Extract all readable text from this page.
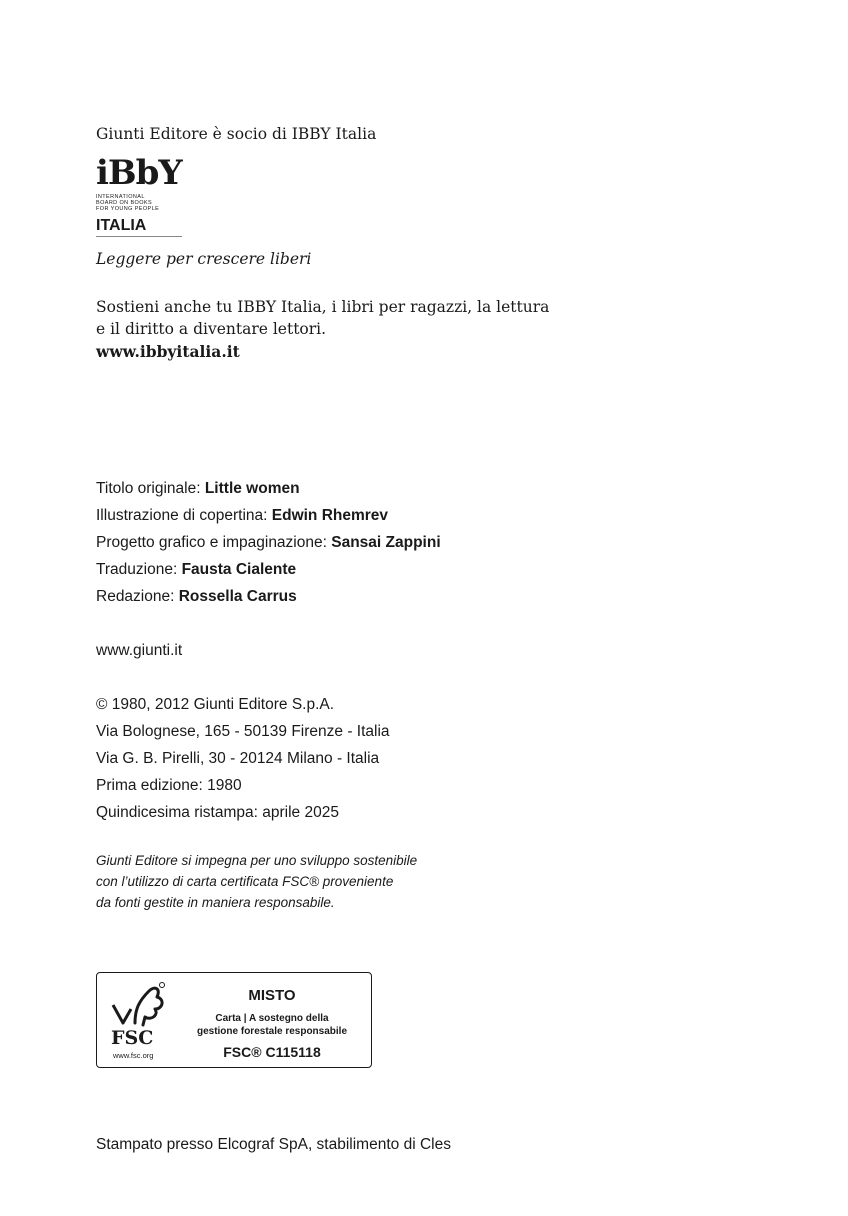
Giunti Editore è socio di IBBY Italia
iBbY
INTERNATIONAL
BOARD ON BOOKS
FOR YOUNG PEOPLE
ITALIA
Leggere per crescere liberi
Sostieni anche tu IBBY Italia, i libri per ragazzi, la lettura
e il diritto a diventare lettori.
www.ibbyitalia.it
Titolo originale: Little women
Illustrazione di copertina: Edwin Rhemrev
Progetto grafico e impaginazione: Sansai Zappini
Traduzione: Fausta Cialente
Redazione: Rossella Carrus
www.giunti.it
© 1980, 2012 Giunti Editore S.p.A.
Via Bolognese, 165 - 50139 Firenze - Italia
Via G. B. Pirelli, 30 - 20124 Milano - Italia
Prima edizione: 1980
Quindicesima ristampa: aprile 2025
Giunti Editore si impegna per uno sviluppo sostenibile
con l’utilizzo di carta certificata FSC® proveniente
da fonti gestite in maniera responsabile.
FSC
www.fsc.org
MISTO
Carta | A sostegno della
gestione forestale responsabile
FSC® C115118
Stampato presso Elcograf SpA, stabilimento di Cles
